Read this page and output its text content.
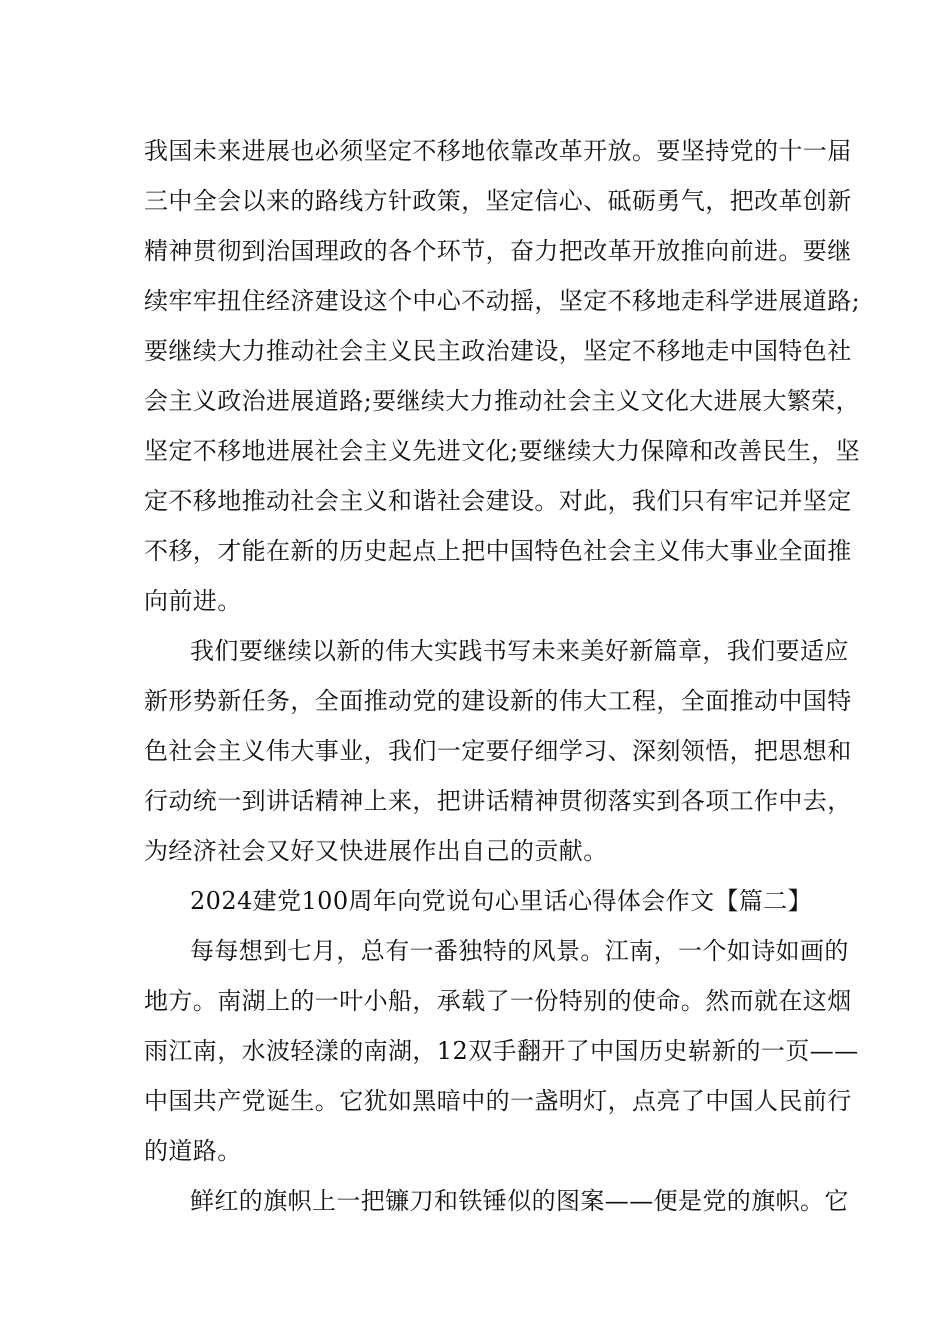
我国未来进展也必须坚定不移地依靠改革开放。要坚持党的十一届
三中全会以来的路线方针政策，坚定信心、砥砺勇气，把改革创新
精神贯彻到治国理政的各个环节，奋力把改革开放推向前进。要继
续牢牢扭住经济建设这个中心不动摇，坚定不移地走科学进展道路;
要继续大力推动社会主义民主政治建设，坚定不移地走中国特色社
会主义政治进展道路;要继续大力推动社会主义文化大进展大繁荣，
坚定不移地进展社会主义先进文化;要继续大力保障和改善民生，坚
定不移地推动社会主义和谐社会建设。对此，我们只有牢记并坚定
不移，才能在新的历史起点上把中国特色社会主义伟大事业全面推
向前进。
我们要继续以新的伟大实践书写未来美好新篇章，我们要适应
新形势新任务，全面推动党的建设新的伟大工程，全面推动中国特
色社会主义伟大事业，我们一定要仔细学习、深刻领悟，把思想和
行动统一到讲话精神上来，把讲话精神贯彻落实到各项工作中去，
为经济社会又好又快进展作出自己的贡献。
2024建党100周年向党说句心里话心得体会作文【篇二】
每每想到七月，总有一番独特的风景。江南，一个如诗如画的
地方。南湖上的一叶小船，承载了一份特别的使命。然而就在这烟
雨江南，水波轻漾的南湖，12双手翻开了中国历史崭新的一页——
中国共产党诞生。它犹如黑暗中的一盏明灯，点亮了中国人民前行
的道路。
鲜红的旗帜上一把镰刀和铁锤似的图案——便是党的旗帜。它
